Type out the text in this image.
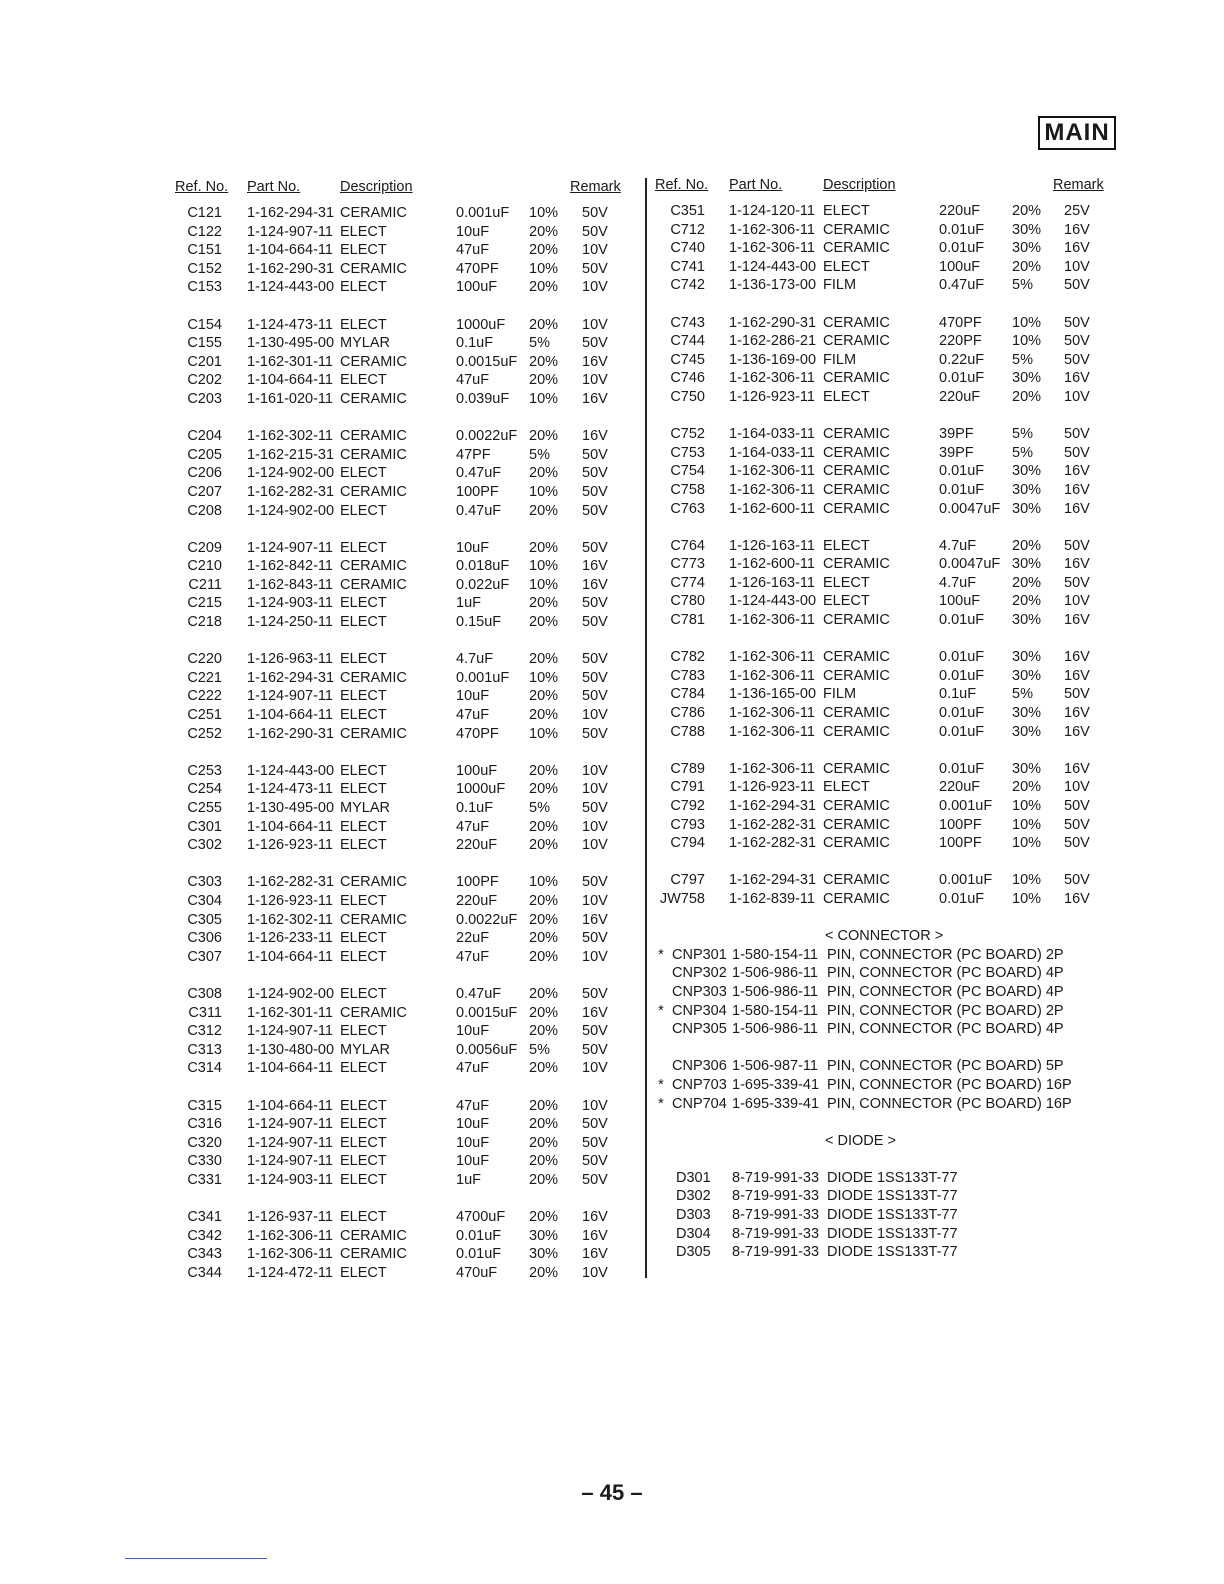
MAIN
Ref. No. Part No.	Description	Remark
C121 1-162-294-31 CERAMIC	0.001uF 10% 50V
C122 1-124-907-11 ELECT	10uF	20% 50V
C151 1-104-664-11 ELECT	47uF	20% 10V
C152 1-162-290-31 CERAMIC	470PF 10% 50V
C153 1-124-443-00 ELECT	100uF 20% 10V
C154 1-124-473-11 ELECT	1000uF 20% 10V
C155 1-130-495-00 MYLAR	0.1uF 5% 50V
C201 1-162-301-11 CERAMIC	0.0015uF 20% 16V
C202 1-104-664-11 ELECT	47uF	20% 10V
C203 1-161-020-11 CERAMIC	0.039uF 10% 16V
C204 1-162-302-11 CERAMIC	0.0022uF 20% 16V
C205 1-162-215-31 CERAMIC	47PF	5% 50V
C206 1-124-902-00 ELECT	0.47uF 20% 50V
C207 1-162-282-31 CERAMIC	100PF 10% 50V
C208 1-124-902-00 ELECT	0.47uF 20% 50V
C209 1-124-907-11 ELECT	10uF	20% 50V
C210 1-162-842-11 CERAMIC	0.018uF 10% 16V
C211 1-162-843-11 CERAMIC	0.022uF 10% 16V
C215 1-124-903-11 ELECT	1uF	20% 50V
C218 1-124-250-11 ELECT	0.15uF 20% 50V
C220 1-126-963-11 ELECT	4.7uF 20% 50V
C221 1-162-294-31 CERAMIC	0.001uF 10% 50V
C222 1-124-907-11 ELECT	10uF	20% 50V
C251 1-104-664-11 ELECT	47uF	20% 10V
C252 1-162-290-31 CERAMIC	470PF 10% 50V
C253 1-124-443-00 ELECT	100uF 20% 10V
C254 1-124-473-11 ELECT	1000uF 20% 10V
C255 1-130-495-00 MYLAR	0.1uF 5% 50V
C301 1-104-664-11 ELECT	47uF	20% 10V
C302 1-126-923-11 ELECT	220uF 20% 10V
C303 1-162-282-31 CERAMIC	100PF 10% 50V
C304 1-126-923-11 ELECT	220uF 20% 10V
C305 1-162-302-11 CERAMIC	0.0022uF 20% 16V
C306 1-126-233-11 ELECT	22uF	20% 50V
C307 1-104-664-11 ELECT	47uF	20% 10V
C308 1-124-902-00 ELECT	0.47uF 20% 50V
C311 1-162-301-11 CERAMIC	0.0015uF 20% 16V
C312 1-124-907-11 ELECT	10uF	20% 50V
C313 1-130-480-00 MYLAR	0.0056uF 5% 50V
C314 1-104-664-11 ELECT	47uF	20% 10V
C315 1-104-664-11 ELECT	47uF	20% 10V
C316 1-124-907-11 ELECT	10uF	20% 50V
C320 1-124-907-11 ELECT	10uF	20% 50V
C330 1-124-907-11 ELECT	10uF	20% 50V
C331 1-124-903-11 ELECT	1uF	20% 50V
C341 1-126-937-11 ELECT	4700uF 20% 16V
C342 1-162-306-11 CERAMIC	0.01uF 30% 16V
C343 1-162-306-11 CERAMIC	0.01uF 30% 16V
C344 1-124-472-11 ELECT	470uF 20% 10V
Ref. No. Part No.	Description	Remark
C351 1-124-120-11 ELECT	220uF 20% 25V
C712 1-162-306-11 CERAMIC	0.01uF 30% 16V
C740 1-162-306-11 CERAMIC	0.01uF 30% 16V
C741 1-124-443-00 ELECT	100uF 20% 10V
C742 1-136-173-00 FILM	0.47uF 5% 50V
C743 1-162-290-31 CERAMIC	470PF 10% 50V
C744 1-162-286-21 CERAMIC	220PF 10% 50V
C745 1-136-169-00 FILM	0.22uF 5% 50V
C746 1-162-306-11 CERAMIC	0.01uF 30% 16V
C750 1-126-923-11 ELECT	220uF 20% 10V
C752 1-164-033-11 CERAMIC	39PF	5% 50V
C753 1-164-033-11 CERAMIC	39PF	5% 50V
C754 1-162-306-11 CERAMIC	0.01uF 30% 16V
C758 1-162-306-11 CERAMIC	0.01uF 30% 16V
C763 1-162-600-11 CERAMIC	0.0047uF 30% 16V
C764 1-126-163-11 ELECT	4.7uF 20% 50V
C773 1-162-600-11 CERAMIC	0.0047uF 30% 16V
C774 1-126-163-11 ELECT	4.7uF 20% 50V
C780 1-124-443-00 ELECT	100uF 20% 10V
C781 1-162-306-11 CERAMIC	0.01uF 30% 16V
C782 1-162-306-11 CERAMIC	0.01uF 30% 16V
C783 1-162-306-11 CERAMIC	0.01uF 30% 16V
C784 1-136-165-00 FILM	0.1uF 5% 50V
C786 1-162-306-11 CERAMIC	0.01uF 30% 16V
C788 1-162-306-11 CERAMIC	0.01uF 30% 16V
C789 1-162-306-11 CERAMIC	0.01uF 30% 16V
C791 1-126-923-11 ELECT	220uF 20% 10V
C792 1-162-294-31 CERAMIC	0.001uF 10% 50V
C793 1-162-282-31 CERAMIC	100PF 10% 50V
C794 1-162-282-31 CERAMIC	100PF 10% 50V
C797 1-162-294-31 CERAMIC	0.001uF 10% 50V
JW758 1-162-839-11 CERAMIC	0.01uF 10% 16V
< CONNECTOR >
* CNP301 1-580-154-11 PIN, CONNECTOR (PC BOARD) 2P
CNP302 1-506-986-11 PIN, CONNECTOR (PC BOARD) 4P
CNP303 1-506-986-11 PIN, CONNECTOR (PC BOARD) 4P
* CNP304 1-580-154-11 PIN, CONNECTOR (PC BOARD) 2P
CNP305 1-506-986-11 PIN, CONNECTOR (PC BOARD) 4P
CNP306 1-506-987-11 PIN, CONNECTOR (PC BOARD) 5P
* CNP703 1-695-339-41 PIN, CONNECTOR (PC BOARD) 16P
* CNP704 1-695-339-41 PIN, CONNECTOR (PC BOARD) 16P
< DIODE >
D301 8-719-991-33 DIODE 1SS133T-77
D302 8-719-991-33 DIODE 1SS133T-77
D303 8-719-991-33 DIODE 1SS133T-77
D304 8-719-991-33 DIODE 1SS133T-77
D305 8-719-991-33 DIODE 1SS133T-77
– 45 –
